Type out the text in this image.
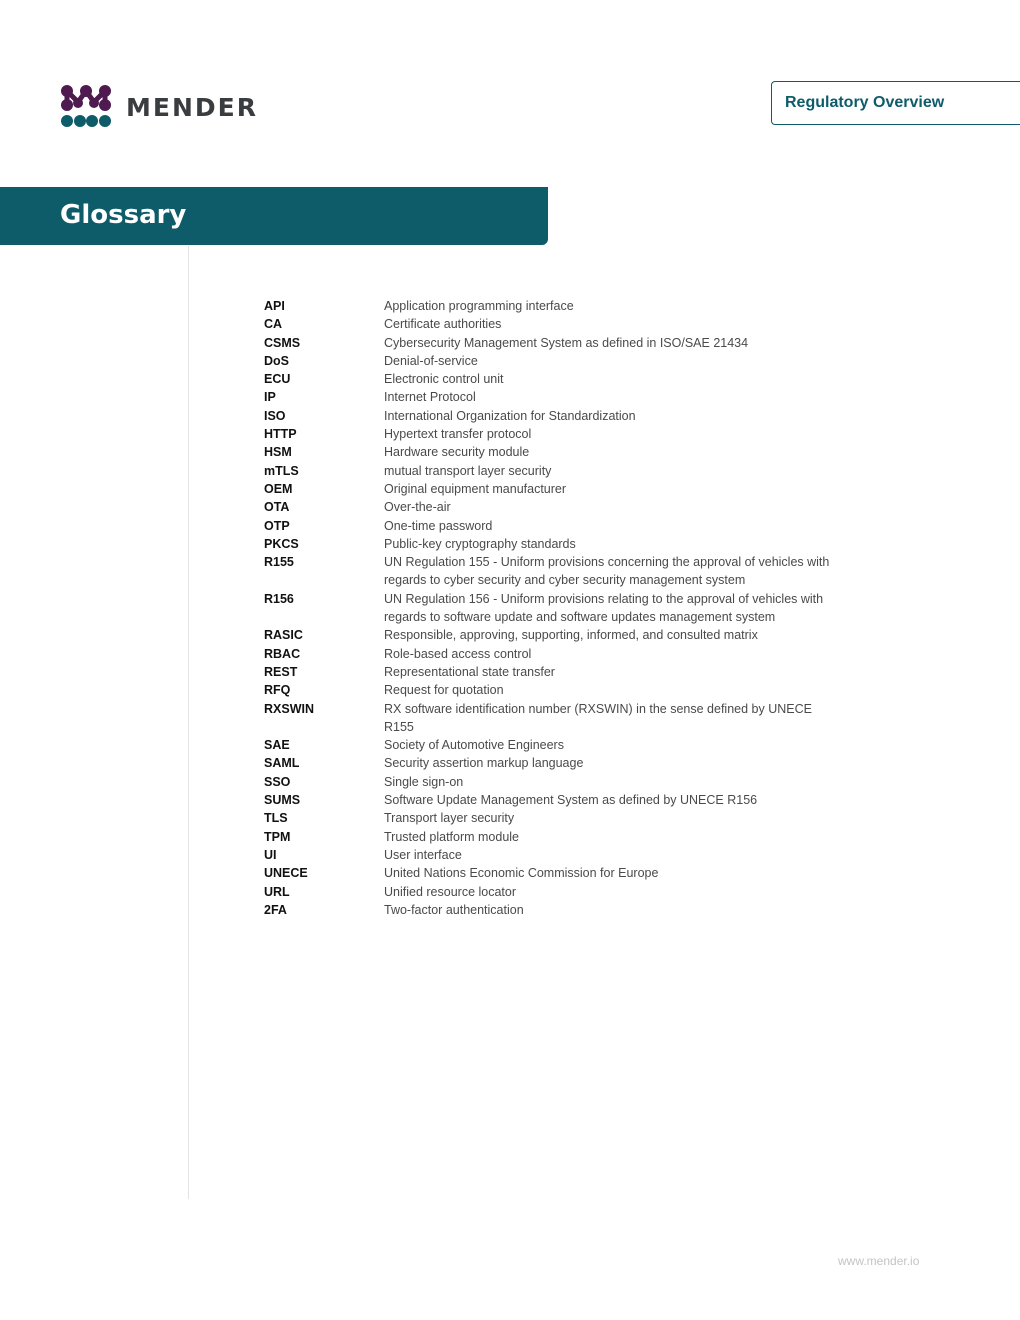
MENDER	Regulatory Overview
Glossary
API	Application programming interface
CA	Certificate authorities
CSMS	Cybersecurity Management System as defined in ISO/SAE 21434
DoS	Denial-of-service
ECU	Electronic control unit
IP	Internet Protocol
ISO	International Organization for Standardization
HTTP	Hypertext transfer protocol
HSM	Hardware security module
mTLS	mutual transport layer security
OEM	Original equipment manufacturer
OTA	Over-the-air
OTP	One-time password
PKCS	Public-key cryptography standards
R155	UN Regulation 155 - Uniform provisions concerning the approval of vehicles with regards to cyber security and cyber security management system
R156	UN Regulation 156 - Uniform provisions relating to the approval of vehicles with regards to software update and software updates management system
RASIC	Responsible, approving, supporting, informed, and consulted matrix
RBAC	Role-based access control
REST	Representational state transfer
RFQ	Request for quotation
RXSWIN	RX software identification number (RXSWIN) in the sense defined by UNECE R155
SAE	Society of Automotive Engineers
SAML	Security assertion markup language
SSO	Single sign-on
SUMS	Software Update Management System as defined by UNECE R156
TLS	Transport layer security
TPM	Trusted platform module
UI	User interface
UNECE	United Nations Economic Commission for Europe
URL	Unified resource locator
2FA	Two-factor authentication
www.mender.io
